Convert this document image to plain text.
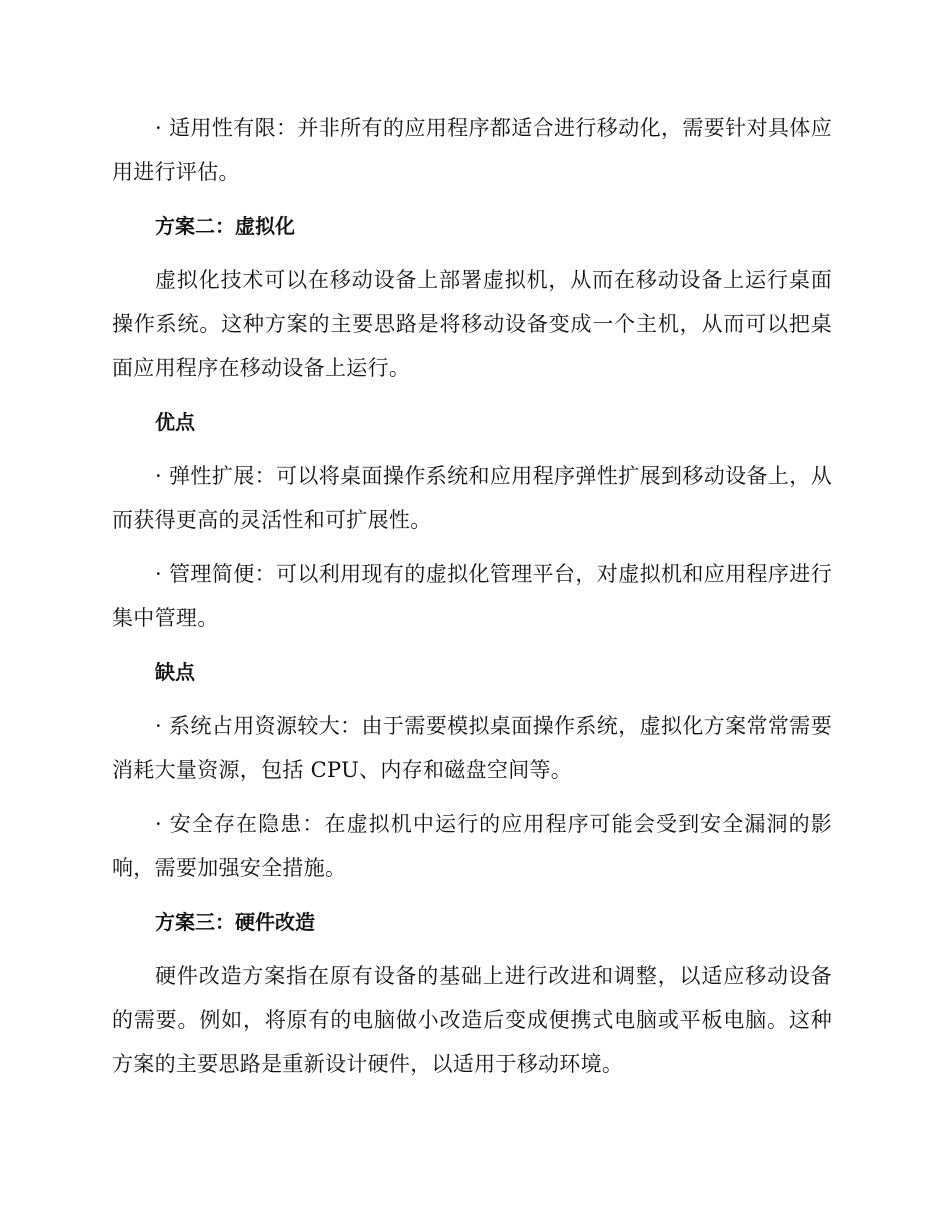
· 适用性有限：并非所有的应用程序都适合进行移动化，需要针对具体应用进行评估。

方案二：虚拟化

虚拟化技术可以在移动设备上部署虚拟机，从而在移动设备上运行桌面操作系统。这种方案的主要思路是将移动设备变成一个主机，从而可以把桌面应用程序在移动设备上运行。

优点

· 弹性扩展：可以将桌面操作系统和应用程序弹性扩展到移动设备上，从而获得更高的灵活性和可扩展性。

· 管理简便：可以利用现有的虚拟化管理平台，对虚拟机和应用程序进行集中管理。

缺点

· 系统占用资源较大：由于需要模拟桌面操作系统，虚拟化方案常常需要消耗大量资源，包括 CPU、内存和磁盘空间等。

· 安全存在隐患：在虚拟机中运行的应用程序可能会受到安全漏洞的影响，需要加强安全措施。

方案三：硬件改造

硬件改造方案指在原有设备的基础上进行改进和调整，以适应移动设备的需要。例如，将原有的电脑做小改造后变成便携式电脑或平板电脑。这种方案的主要思路是重新设计硬件，以适用于移动环境。
